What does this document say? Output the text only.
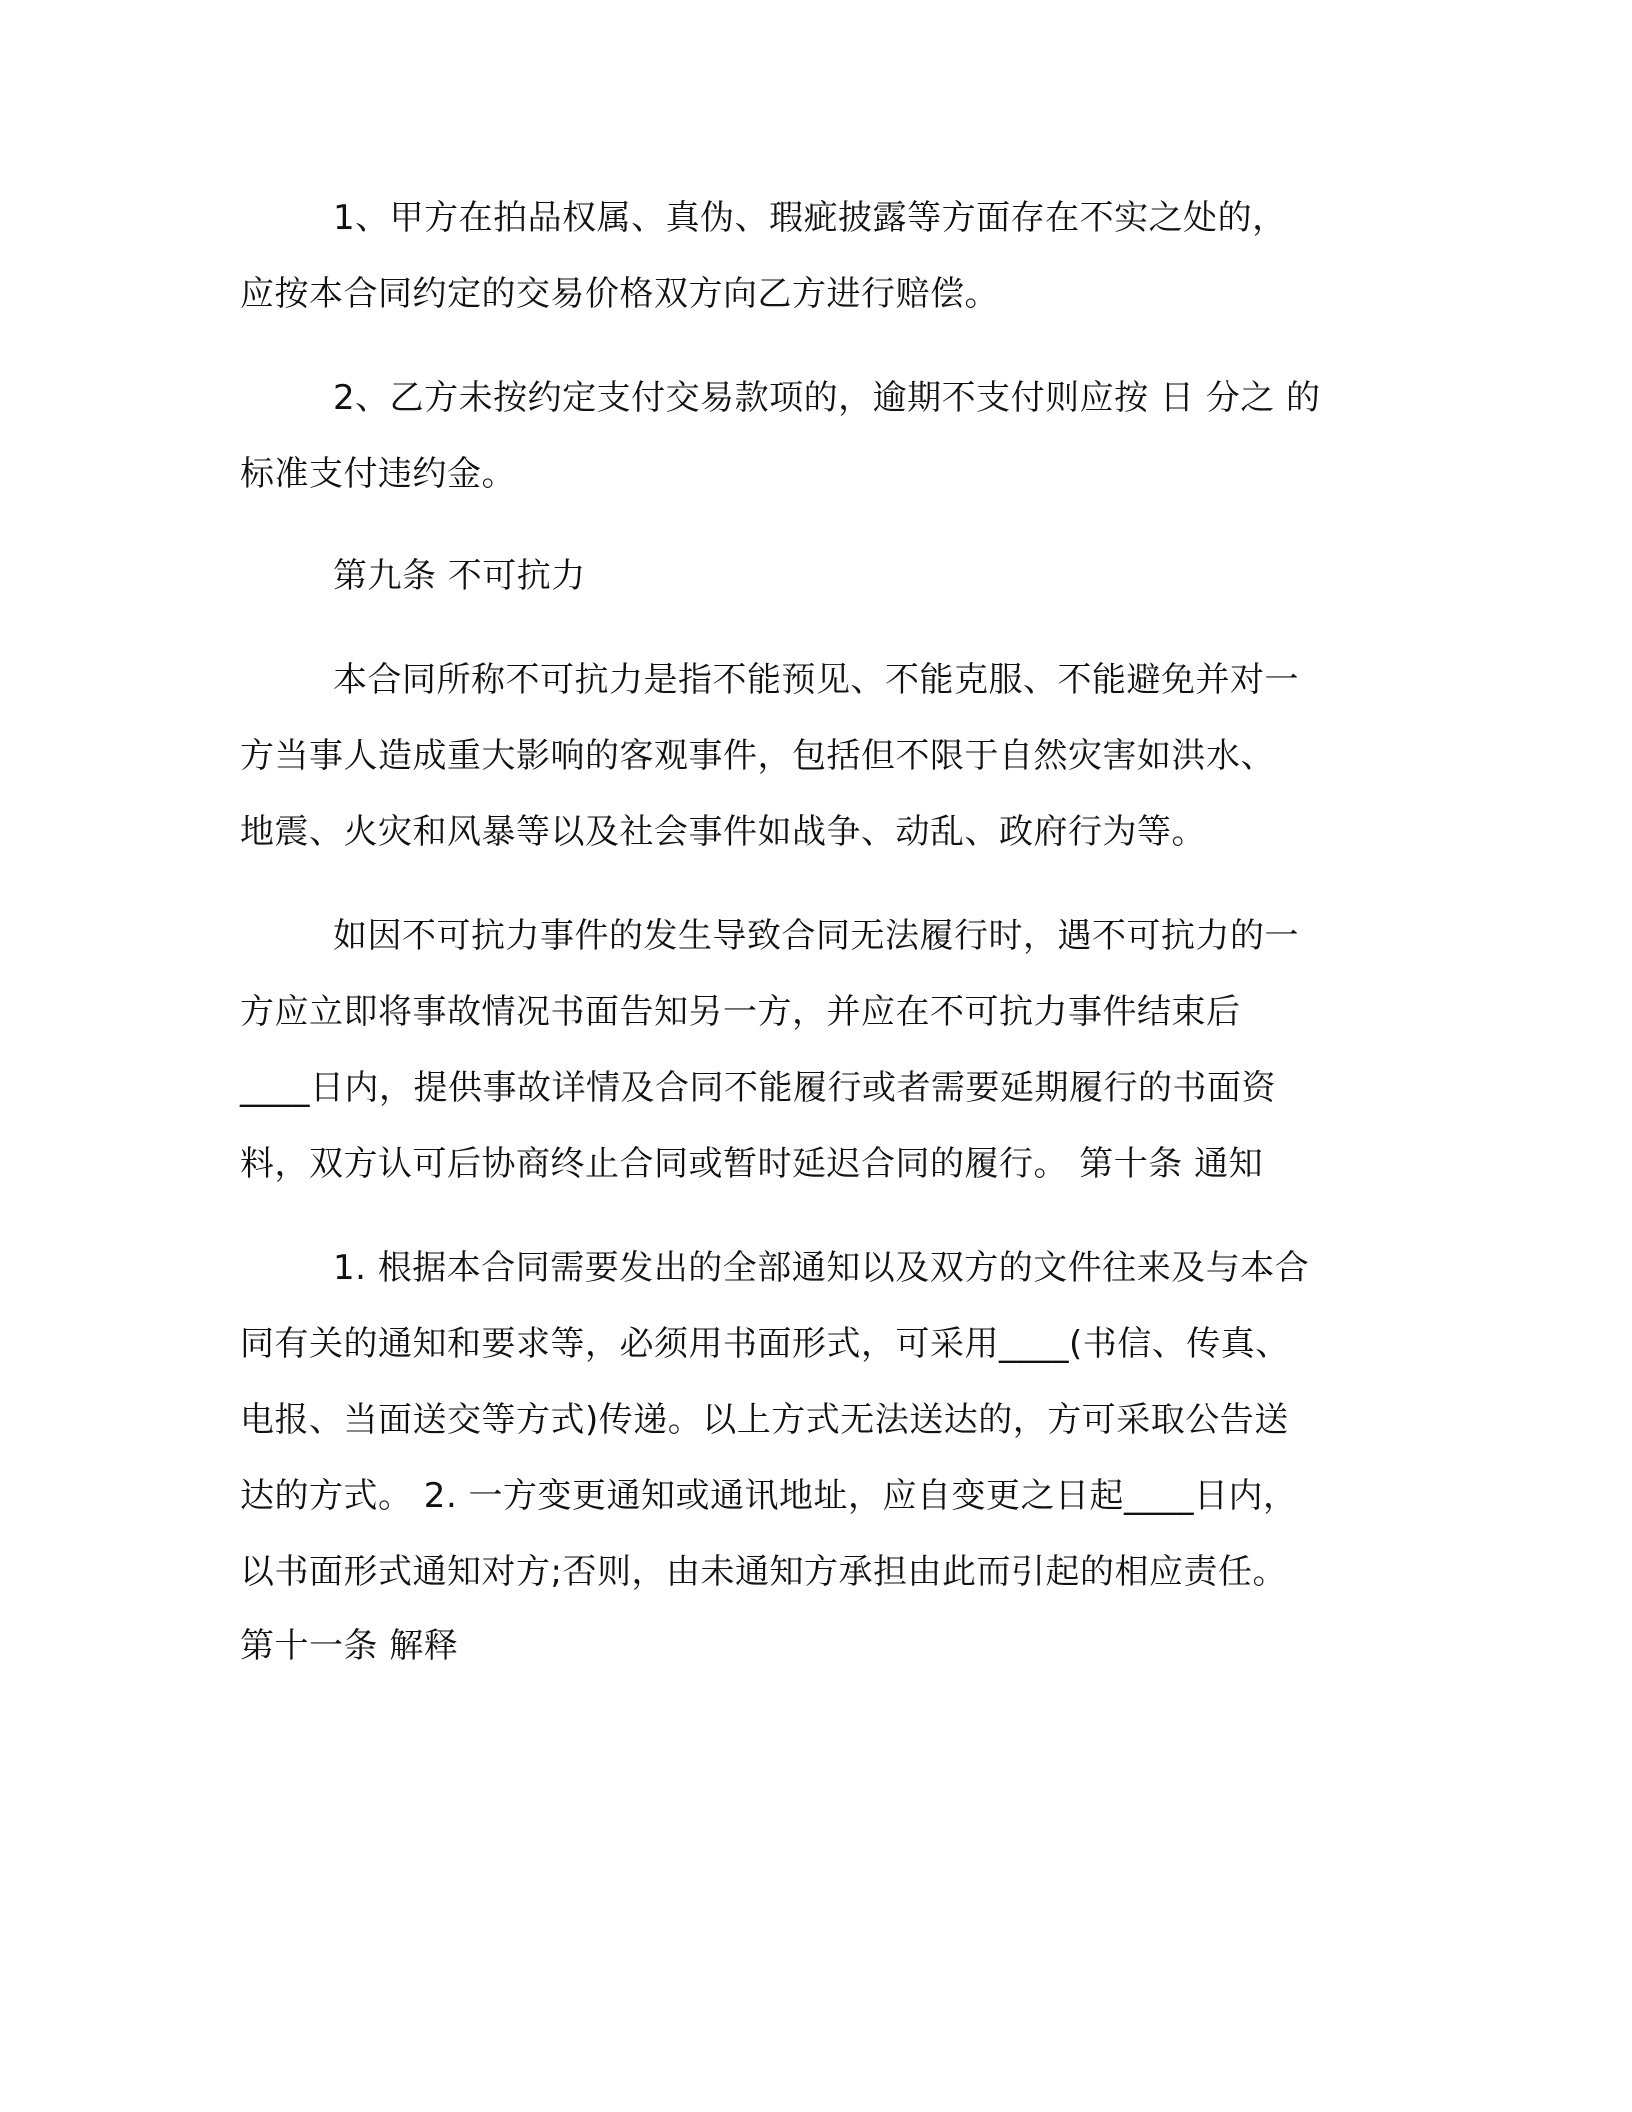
1、甲方在拍品权属、真伪、瑕疵披露等方面存在不实之处的，
应按本合同约定的交易价格双方向乙方进行赔偿。
2、乙方未按约定支付交易款项的，逾期不支付则应按 日 分之 的
标准支付违约金。
第九条 不可抗力
本合同所称不可抗力是指不能预见、不能克服、不能避免并对一
方当事人造成重大影响的客观事件，包括但不限于自然灾害如洪水、
地震、火灾和风暴等以及社会事件如战争、动乱、政府行为等。
如因不可抗力事件的发生导致合同无法履行时，遇不可抗力的一
方应立即将事故情况书面告知另一方，并应在不可抗力事件结束后
____日内，提供事故详情及合同不能履行或者需要延期履行的书面资
料，双方认可后协商终止合同或暂时延迟合同的履行。 第十条 通知
1. 根据本合同需要发出的全部通知以及双方的文件往来及与本合
同有关的通知和要求等，必须用书面形式，可采用____(书信、传真、
电报、当面送交等方式)传递。以上方式无法送达的，方可采取公告送
达的方式。 2. 一方变更通知或通讯地址，应自变更之日起____日内，
以书面形式通知对方;否则，由未通知方承担由此而引起的相应责任。
第十一条 解释
